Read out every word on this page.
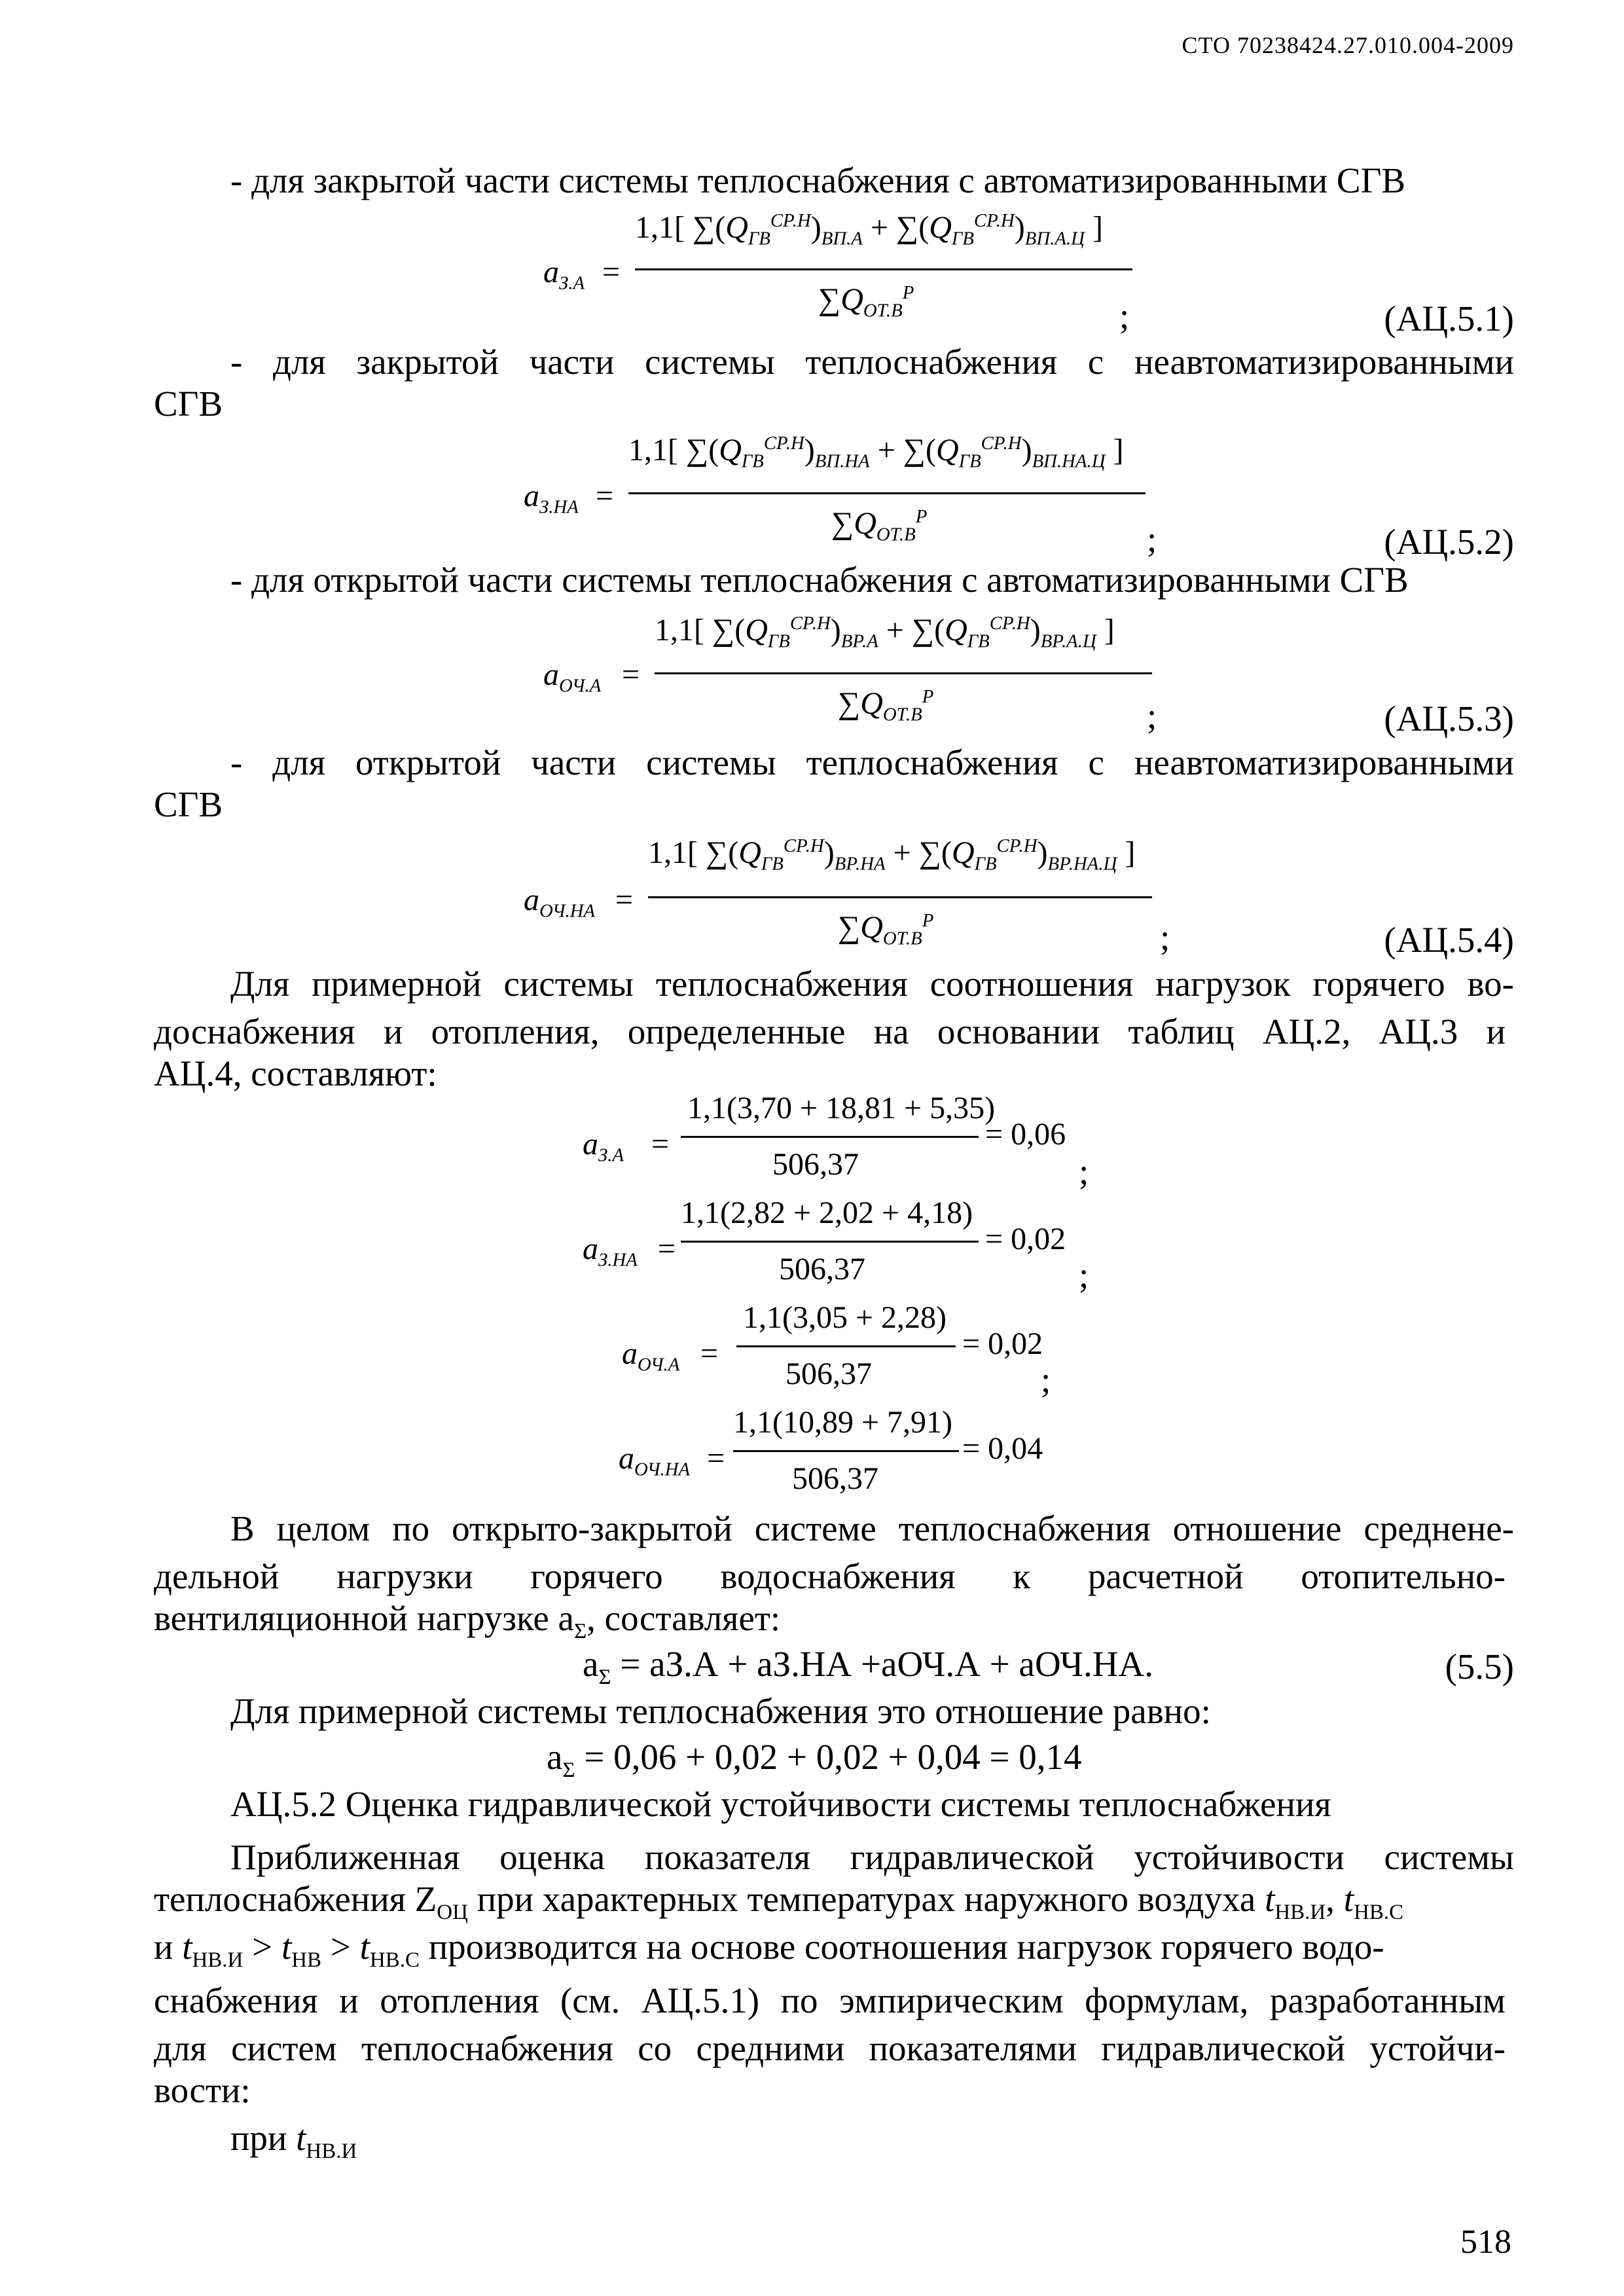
СТО 70238424.27.010.004-2009
- для закрытой части системы теплоснабжения с автоматизированными СГВ
$a_{З.А}$ =
1,1[ $\sum(Q_{ГВ}^{СР.Н})_{ВП.А} + \sum(Q_{ГВ}^{СР.Н})_{ВП.А.Ц}$ ]
$\sum Q_{ОТ.В}^Р$
;	(АЦ.5.1)
- для закрытой части системы теплоснабжения с неавтоматизированными
СГВ
$a_{З.НА}$ =
1,1[ $\sum(Q_{ГВ}^{СР.Н})_{ВП.НА} + \sum(Q_{ГВ}^{СР.Н})_{ВП.НА.Ц}$ ]
$\sum Q_{ОТ.В}^Р$
;	(АЦ.5.2)
- для открытой части системы теплоснабжения с автоматизированными СГВ
$a_{ОЧ.А}$ =
1,1[ $\sum(Q_{ГВ}^{СР.Н})_{ВР.А} + \sum(Q_{ГВ}^{СР.Н})_{ВР.А.Ц}$ ]
$\sum Q_{ОТ.В}^Р$	;	(АЦ.5.3)
- для открытой части системы теплоснабжения с неавтоматизированными
СГВ
$a_{ОЧ.НА}$ =
1,1[ $\sum(Q_{ГВ}^{СР.Н})_{ВР.НА} + \sum(Q_{ГВ}^{СР.Н})_{ВР.НА.Ц}$ ]
$\sum Q_{ОТ.В}^Р$	;	(АЦ.5.4)
Для примерной системы теплоснабжения соотношения нагрузок горячего во-
доснабжения и отопления, определенные на основании таблиц АЦ.2, АЦ.3 и
АЦ.4, составляют:
$a_{З.А}$ =
1,1(3,70 + 18,81 + 5,35)
506,37
= 0,06
;
$a_{З.НА}$ =
1,1(2,82 + 2,02 + 4,18)
506,37
= 0,02
;
$a_{ОЧ.А}$ =
1,1(3,05 + 2,28)
506,37
= 0,02
;
$a_{ОЧ.НА}$ =
1,1(10,89 + 7,91)
506,37
= 0,04
В целом по открыто-закрытой системе теплоснабжения отношение средненe-
дельной нагрузки горячего водоснабжения к расчетной отопительно-
вентиляционной нагрузке $a_\Sigma$, составляет:
$a_\Sigma = аЗ.А + аЗ.НА +аОЧ.А + аОЧ.НА$.	(5.5)
Для примерной системы теплоснабжения это отношение равно:
$a_\Sigma = 0,06 + 0,02 + 0,02 + 0,04 = 0,14$
АЦ.5.2 Оценка гидравлической устойчивости системы теплоснабжения
Приближенная оценка показателя гидравлической устойчивости системы
теплоснабжения $Z_{ОЦ}$ при характерных температурах наружного воздуха $t_{НВ.И}$, $t_{НВ.С}$
и $t_{НВ.И} > t_{НВ} > t_{НВ.С}$ производится на основе соотношения нагрузок горячего водо-
снабжения и отопления (см. АЦ.5.1) по эмпирическим формулам, разработанным
для систем теплоснабжения со средними показателями гидравлической устойчи-
вости:
при $t_{НВ.И}$
518
